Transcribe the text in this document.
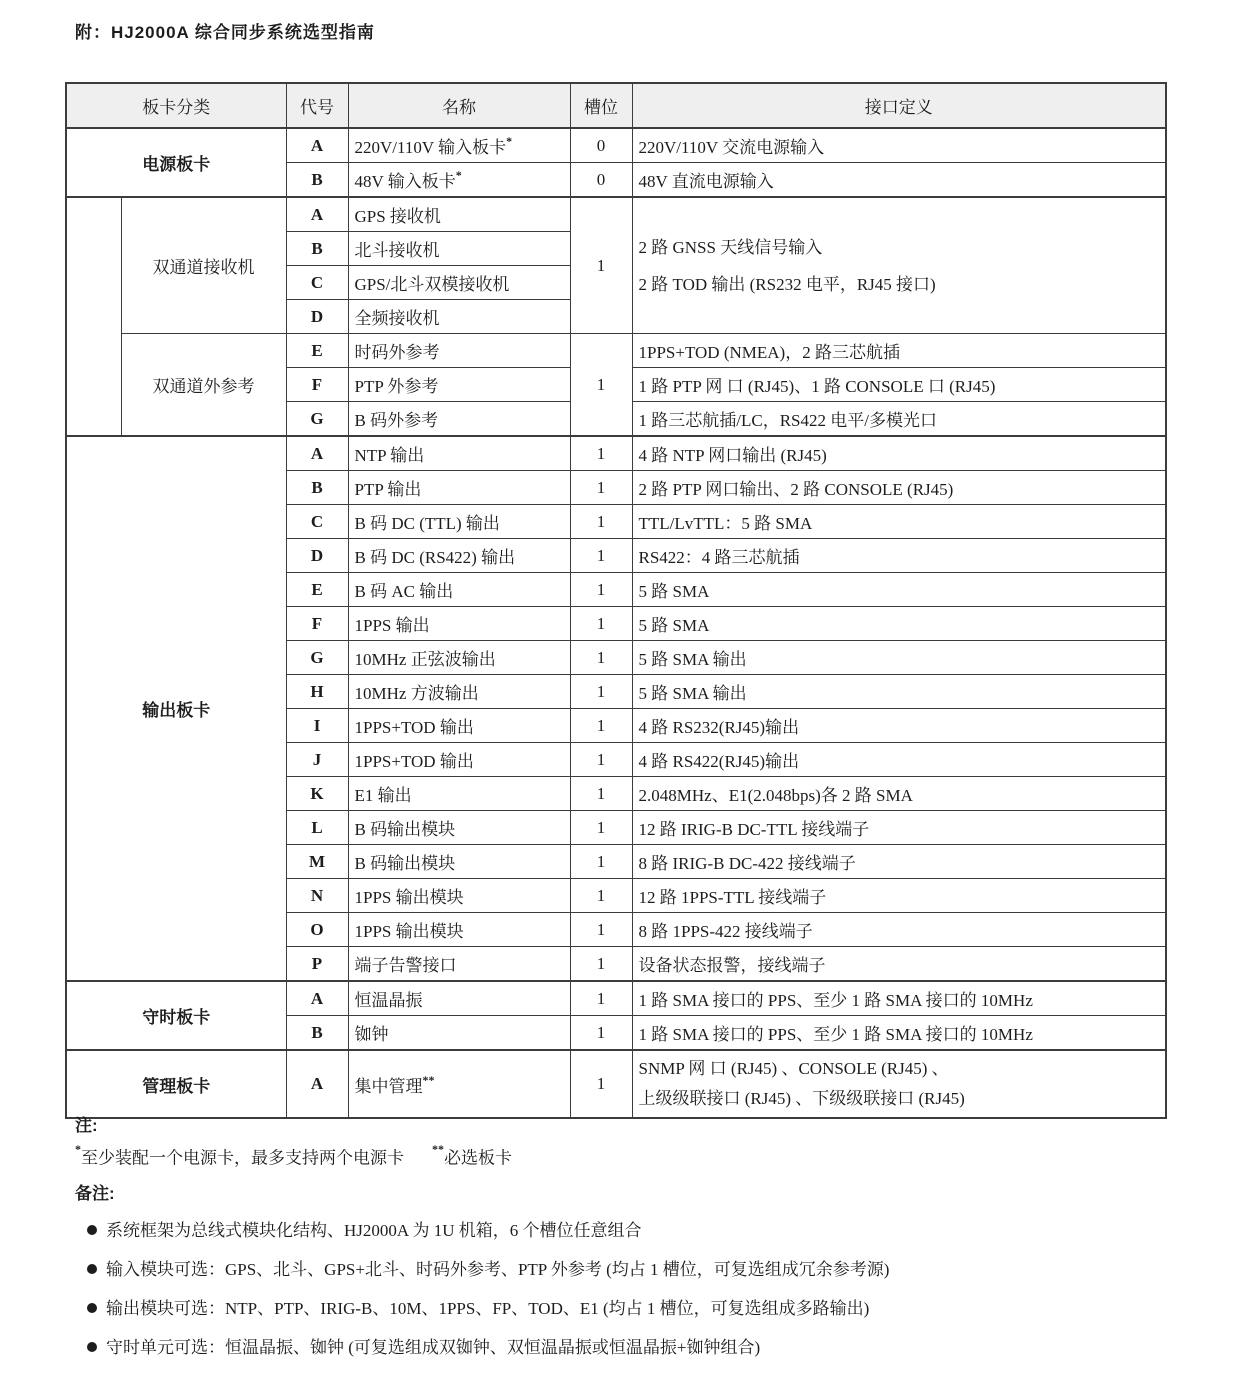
附：HJ2000A 综合同步系统选型指南
板卡分类		代号	名称	槽位	接口定义
电源板卡		A	220V/110V 输入板卡*	0	220V/110V 交流电源输入
		B	48V 输入板卡*	0	48V 直流电源输入
	双通道接收机	A	GPS 接收机	1	2 路 GNSS 天线信号输入
2 路 TOD 输出 (RS232 电平，RJ45 接口)

		B	北斗接收机		
		C	GPS/北斗双模接收机		
		D	全频接收机		
	双通道外参考	E	时码外参考	1	1PPS+TOD (NMEA)，2 路三芯航插
		F	PTP 外参考		1 路 PTP 网 口 (RJ45)、1 路 CONSOLE 口 (RJ45)
		G	B 码外参考		1 路三芯航插/LC，RS422 电平/多模光口
输出板卡		A	NTP 输出	1	4 路 NTP 网口输出 (RJ45)
		B	PTP 输出	1	2 路 PTP 网口输出、2 路 CONSOLE (RJ45)
		C	B 码 DC (TTL) 输出	1	TTL/LvTTL：5 路 SMA
		D	B 码 DC (RS422) 输出	1	RS422：4 路三芯航插
		E	B 码 AC 输出	1	5 路 SMA
		F	1PPS 输出	1	5 路 SMA
		G	10MHz 正弦波输出	1	5 路 SMA 输出
		H	10MHz 方波输出	1	5 路 SMA 输出
		I	1PPS+TOD 输出	1	4 路 RS232(RJ45)输出
		J	1PPS+TOD 输出	1	4 路 RS422(RJ45)输出
		K	E1 输出	1	2.048MHz、E1(2.048bps)各 2 路 SMA
		L	B 码输出模块	1	12 路 IRIG-B DC-TTL 接线端子
		M	B 码输出模块	1	8 路 IRIG-B DC-422 接线端子
		N	1PPS 输出模块	1	12 路 1PPS-TTL 接线端子
		O	1PPS 输出模块	1	8 路 1PPS-422 接线端子
		P	端子告警接口	1	设备状态报警，接线端子
守时板卡		A	恒温晶振	1	1 路 SMA 接口的 PPS、至少 1 路 SMA 接口的 10MHz
		B	铷钟	1	1 路 SMA 接口的 PPS、至少 1 路 SMA 接口的 10MHz
管理板卡		A	集中管理**	1	SNMP 网 口 (RJ45) 、CONSOLE (RJ45) 、
上级级联接口 (RJ45) 、下级级联接口 (RJ45)
注:
*至少装配一个电源卡，最多支持两个电源卡 **必选板卡
备注:
系统框架为总线式模块化结构、HJ2000A 为 1U 机箱，6 个槽位任意组合
输入模块可选：GPS、北斗、GPS+北斗、时码外参考、PTP 外参考 (均占 1 槽位，可复选组成冗余参考源)
输出模块可选：NTP、PTP、IRIG-B、10M、1PPS、FP、TOD、E1 (均占 1 槽位，可复选组成多路输出)
守时单元可选：恒温晶振、铷钟 (可复选组成双铷钟、双恒温晶振或恒温晶振+铷钟组合)
